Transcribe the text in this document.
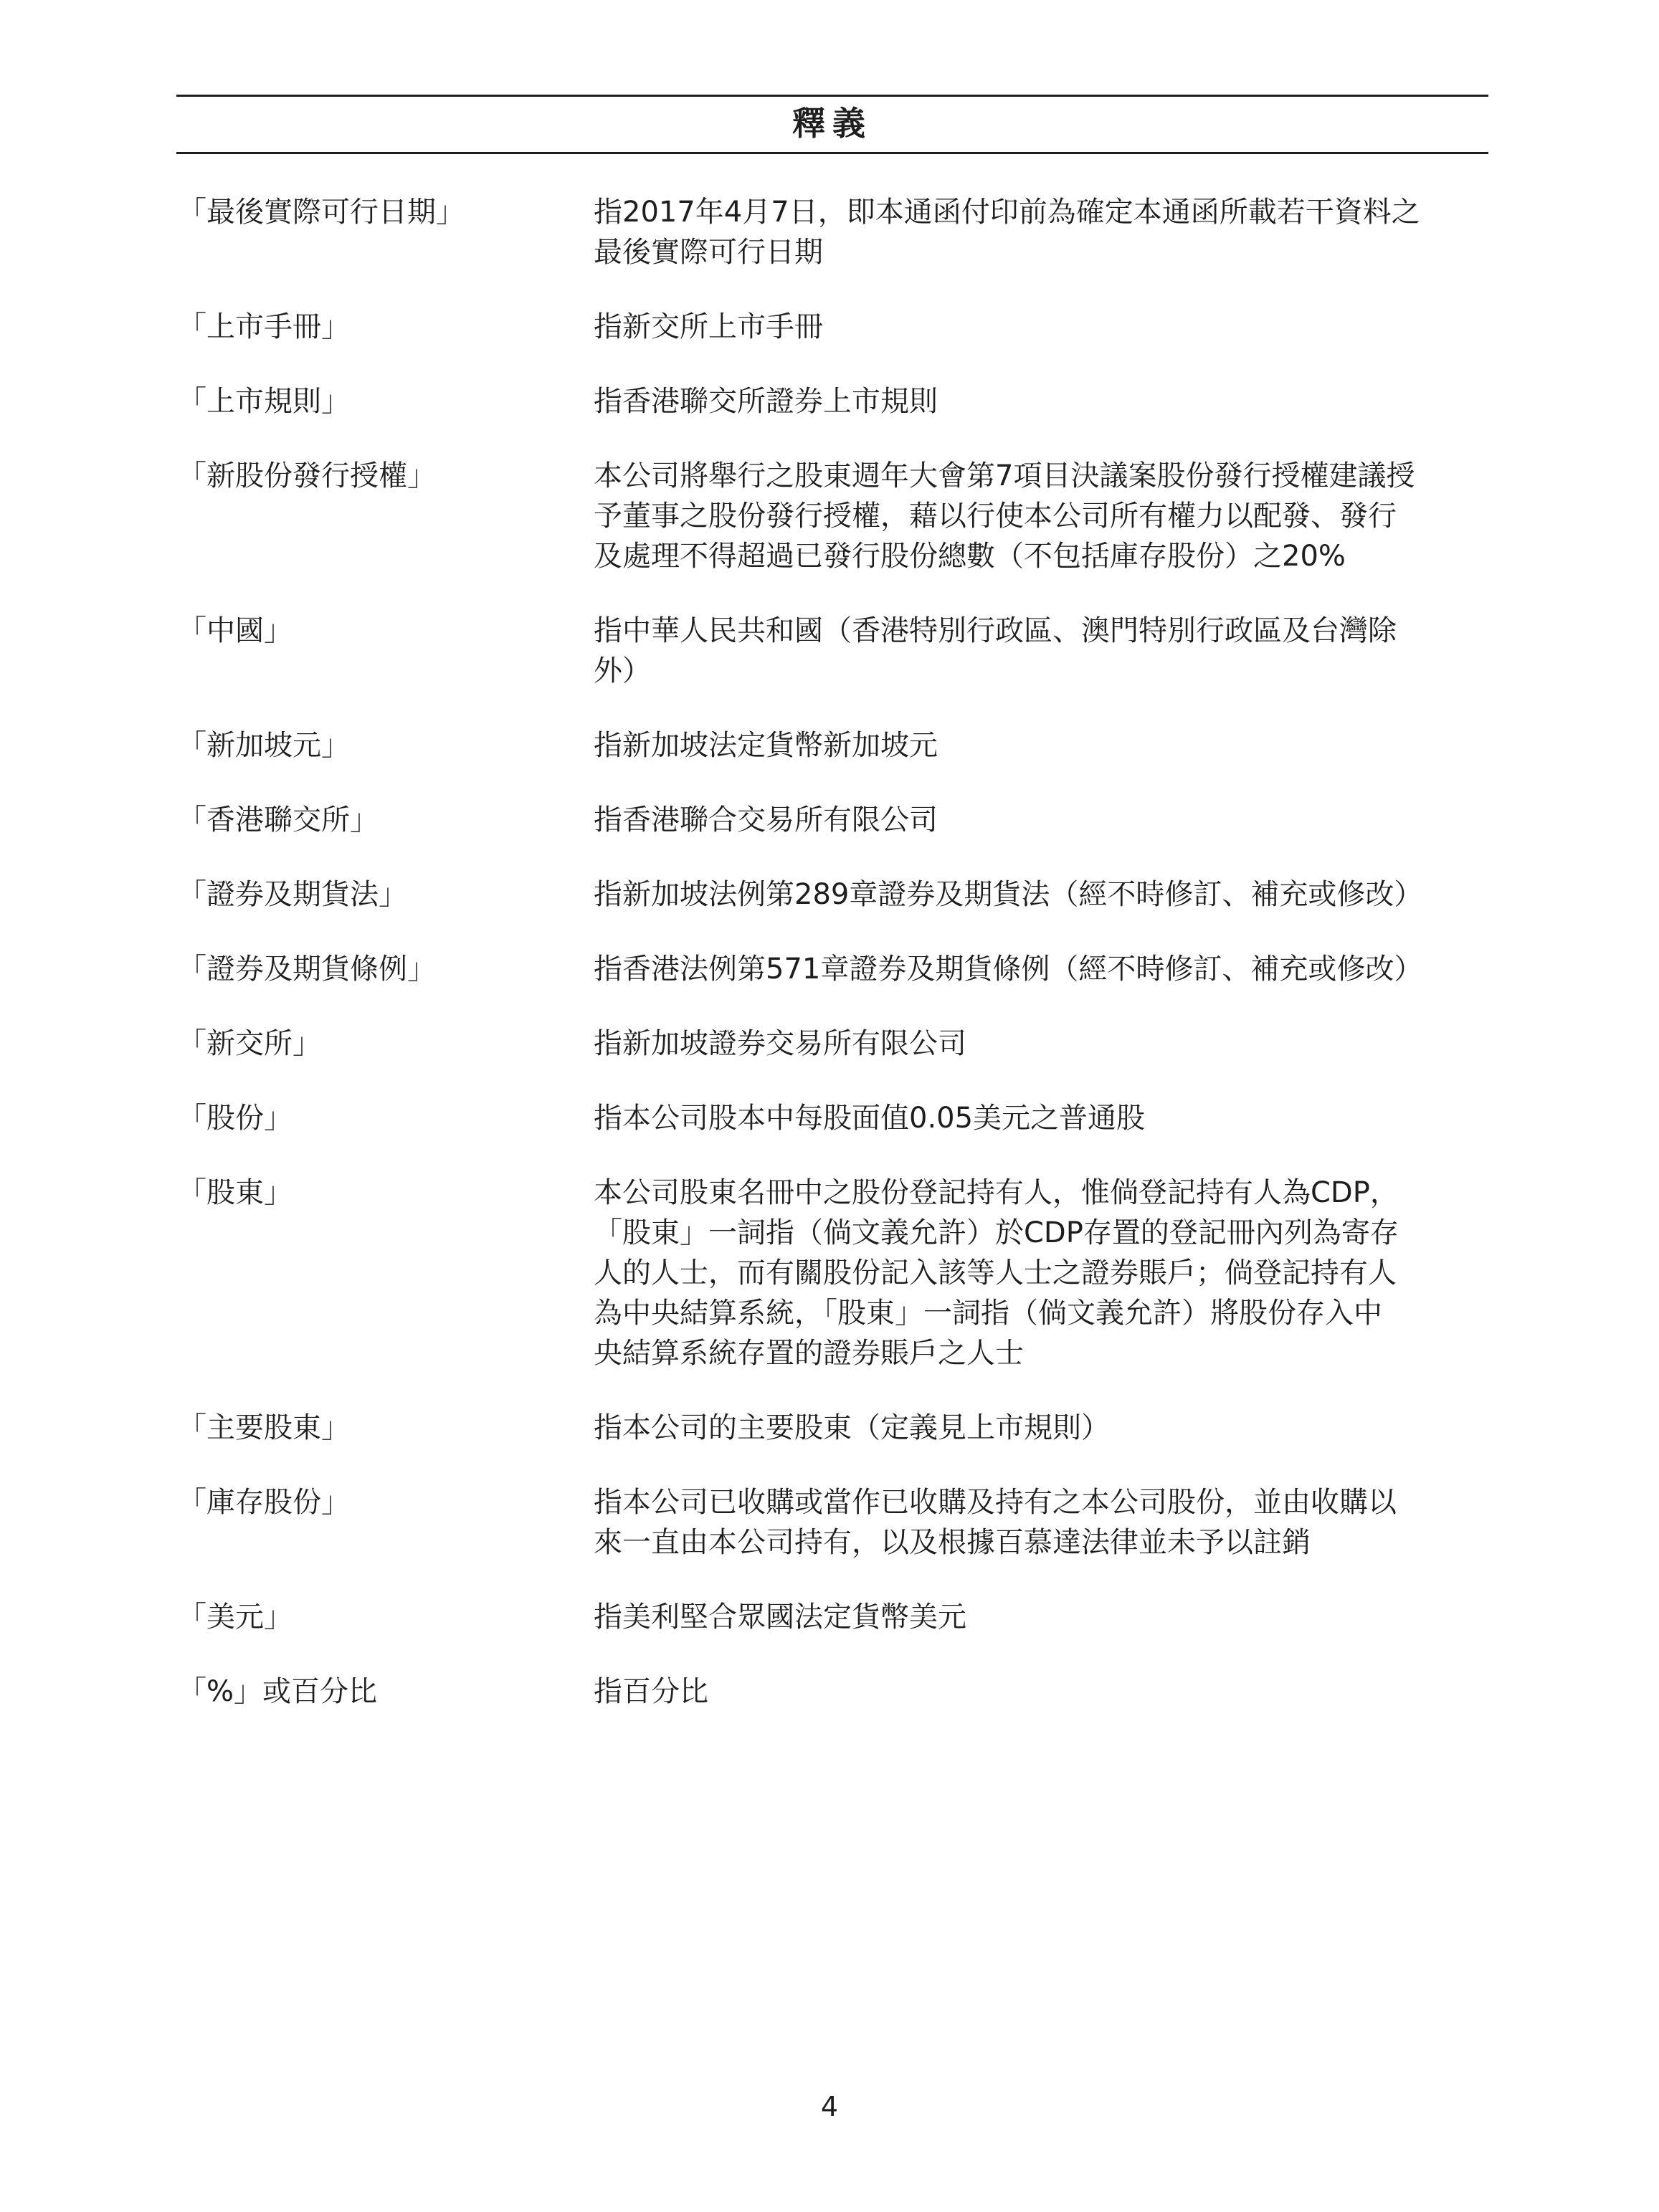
釋義
「最後實際可行日期」	指2017年4月7日，即本通函付印前為確定本通函所載若干資料之
最後實際可行日期
「上市手冊」	指新交所上市手冊
「上市規則」	指香港聯交所證券上市規則
「新股份發行授權」	本公司將舉行之股東週年大會第7項目決議案股份發行授權建議授
予董事之股份發行授權，藉以行使本公司所有權力以配發、發行
及處理不得超過已發行股份總數（不包括庫存股份）之20%
「中國」	指中華人民共和國（香港特別行政區、澳門特別行政區及台灣除
外）
「新加坡元」	指新加坡法定貨幣新加坡元
「香港聯交所」	指香港聯合交易所有限公司
「證券及期貨法」	指新加坡法例第289章證券及期貨法（經不時修訂、補充或修改）
「證券及期貨條例」	指香港法例第571章證券及期貨條例（經不時修訂、補充或修改）
「新交所」	指新加坡證券交易所有限公司
「股份」	指本公司股本中每股面值0.05美元之普通股
「股東」	本公司股東名冊中之股份登記持有人，惟倘登記持有人為CDP，
「股東」一詞指（倘文義允許）於CDP存置的登記冊內列為寄存
人的人士，而有關股份記入該等人士之證券賬戶；倘登記持有人
為中央結算系統，「股東」一詞指（倘文義允許）將股份存入中
央結算系統存置的證券賬戶之人士
「主要股東」	指本公司的主要股東（定義見上市規則）
「庫存股份」	指本公司已收購或當作已收購及持有之本公司股份，並由收購以
來一直由本公司持有，以及根據百慕達法律並未予以註銷
「美元」	指美利堅合眾國法定貨幣美元
「%」或百分比	指百分比
4
